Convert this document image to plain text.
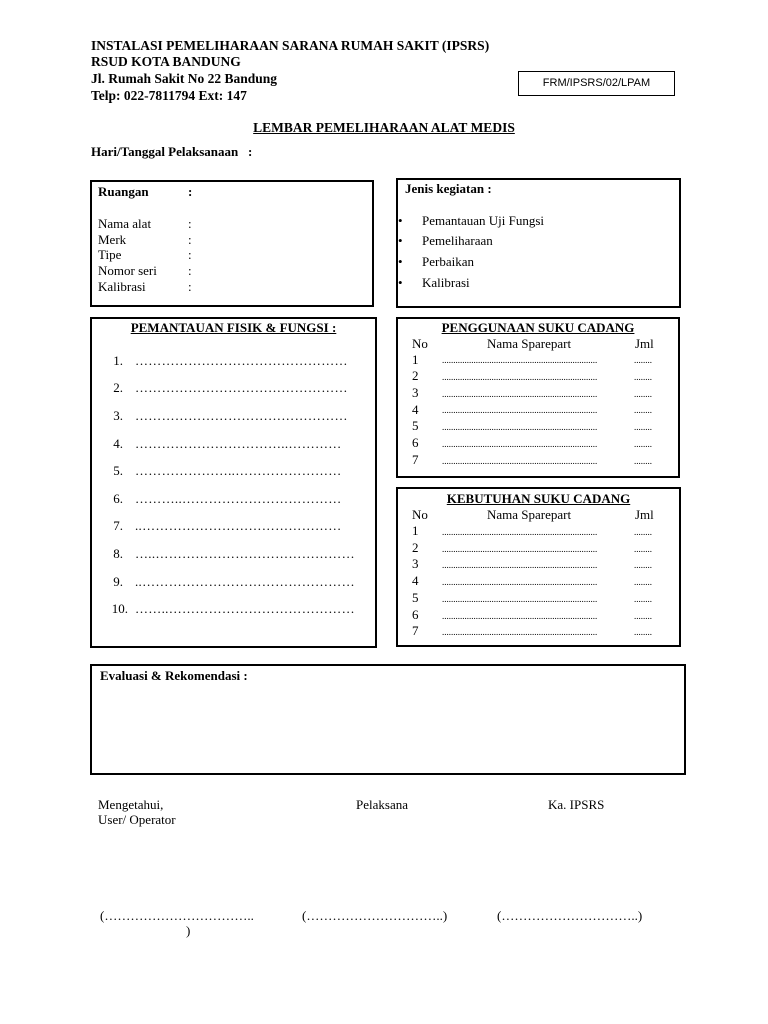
INSTALASI PEMELIHARAAN SARANA RUMAH SAKIT (IPSRS)
RSUD KOTA BANDUNG
Jl. Rumah Sakit No 22 Bandung
Telp: 022-7811794 Ext: 147
FRM/IPSRS/02/LPAM
LEMBAR PEMELIHARAAN ALAT MEDIS
Hari/Tanggal Pelaksanaan   :
Ruangan	:
Nama alat	:
Merk	:
Tipe	:
Nomor seri :
Kalibrasi	:
Jenis kegiatan :
• Pemantauan Uji Fungsi
• Pemeliharaan
• Perbaikan
• Kalibrasi
PEMANTAUAN FISIK & FUNGSI :
1. …………………………………………
2. …………………………………………
3. …………………………………………
4. ……………………………..…………
5. …………………..……………………
6. ………..………………………………
7. ..………………………………………
8. …..………………………………………
9. ..…………………………………………
10. ……..……………………………………
PENGGUNAAN SUKU CADANG
No	Nama Sparepart	Jml
1	.....................................................................	........
2	.....................................................................	........
3	.....................................................................	........
4	.....................................................................	........
5	.....................................................................	........
6	.....................................................................	........
7	.....................................................................	........
KEBUTUHAN SUKU CADANG
No	Nama Sparepart	Jml
1	.....................................................................	........
2	.....................................................................	........
3	.....................................................................	........
4	.....................................................................	........
5	.....................................................................	........
6	.....................................................................	........
7	.....................................................................	........
Evaluasi & Rekomendasi :
Mengetahui,
User/ Operator
Pelaksana	Ka. IPSRS
(……………………………..
)
(…………………………..)	(…………………………..)
